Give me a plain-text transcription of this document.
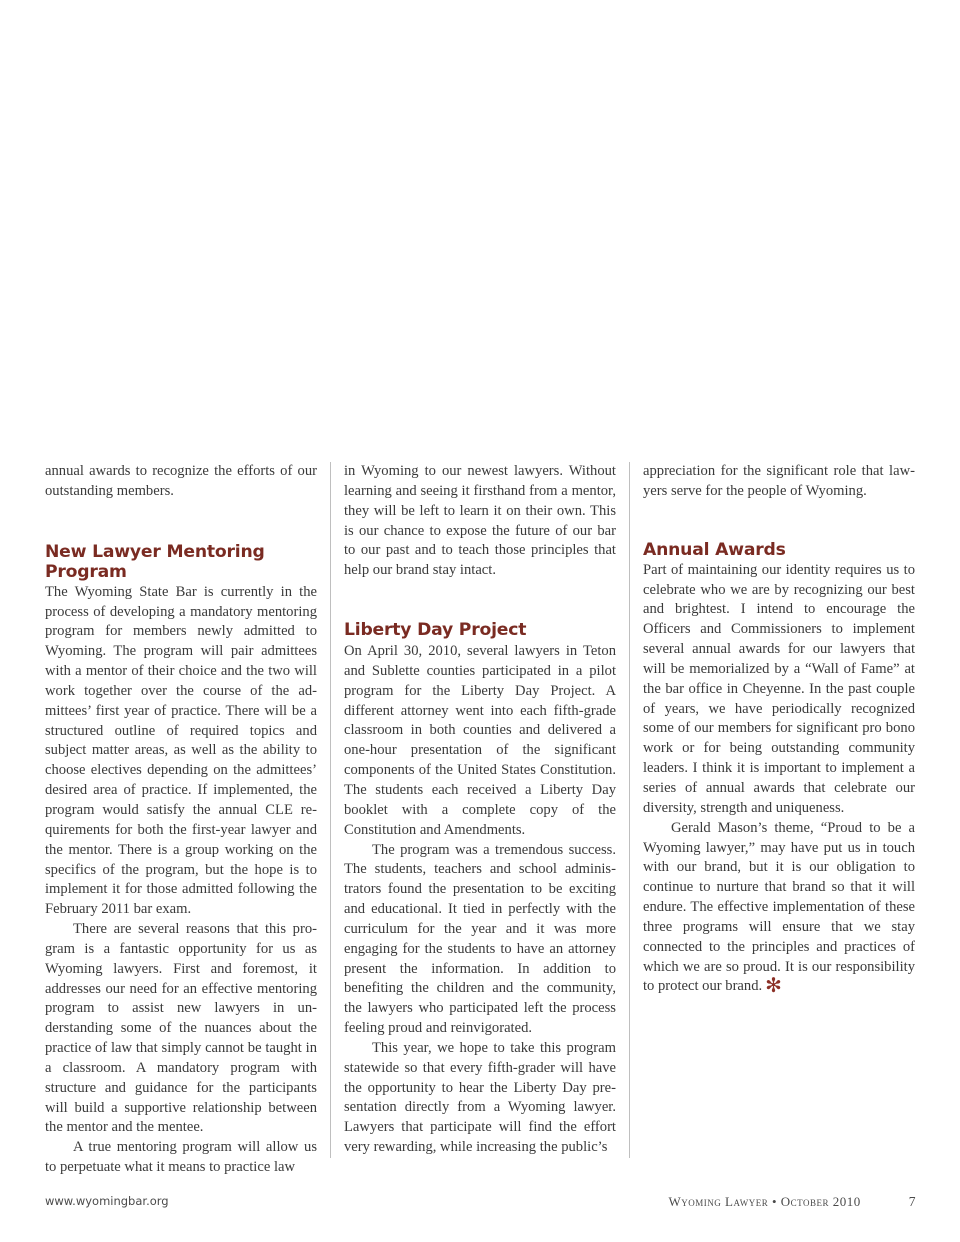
annual awards to recognize the efforts of our outstanding members.

New Lawyer Mentoring Program

The Wyoming State Bar is currently in the process of developing a mandatory mentoring program for members newly admitted to Wyoming. The program will pair admittees with a mentor of their choice and the two will work together over the course of the admittees’ first year of practice. There will be a structured outline of required topics and subject matter areas, as well as the ability to choose electives depending on the admittees’ desired area of practice. If implemented, the program would satisfy the annual CLE requirements for both the first-year lawyer and the mentor. There is a group working on the specifics of the program, but the hope is to implement it for those admitted following the February 2011 bar exam.

There are several reasons that this program is a fantastic opportunity for us as Wyoming lawyers. First and foremost, it addresses our need for an effective mentoring program to assist new lawyers in understanding some of the nuances about the practice of law that simply cannot be taught in a classroom. A mandatory program with structure and guidance for the participants will build a supportive relationship between the mentor and the mentee.

A true mentoring program will allow us to perpetuate what it means to practice law

in Wyoming to our newest lawyers. Without learning and seeing it firsthand from a mentor, they will be left to learn it on their own. This is our chance to expose the future of our bar to our past and to teach those principles that help our brand stay intact.

Liberty Day Project

On April 30, 2010, several lawyers in Teton and Sublette counties participated in a pilot program for the Liberty Day Project. A different attorney went into each fifth-grade classroom in both counties and delivered a one-hour presentation of the significant components of the United States Constitution. The students each received a Liberty Day booklet with a complete copy of the Constitution and Amendments.

The program was a tremendous success. The students, teachers and school administrators found the presentation to be exciting and educational. It tied in perfectly with the curriculum for the year and it was more engaging for the students to have an attorney present the information. In addition to benefiting the children and the community, the lawyers who participated left the process feeling proud and reinvigorated.

This year, we hope to take this program statewide so that every fifth-grader will have the opportunity to hear the Liberty Day presentation directly from a Wyoming lawyer. Lawyers that participate will find the effort very rewarding, while increasing the public’s

appreciation for the significant role that lawyers serve for the people of Wyoming.

Annual Awards

Part of maintaining our identity requires us to celebrate who we are by recognizing our best and brightest. I intend to encourage the Officers and Commissioners to implement several annual awards for our lawyers that will be memorialized by a “Wall of Fame” at the bar office in Cheyenne. In the past couple of years, we have periodically recognized some of our members for significant pro bono work or for being outstanding community leaders. I think it is important to implement a series of annual awards that celebrate our diversity, strength and uniqueness.

Gerald Mason’s theme, “Proud to be a Wyoming lawyer,” may have put us in touch with our brand, but it is our obligation to continue to nurture that brand so that it will endure. The effective implementation of these three programs will ensure that we stay connected to the principles and practices of which we are so proud. It is our responsibility to protect our brand. ✻

www.wyomingbar.org	Wyoming Lawyer • October 2010	7
